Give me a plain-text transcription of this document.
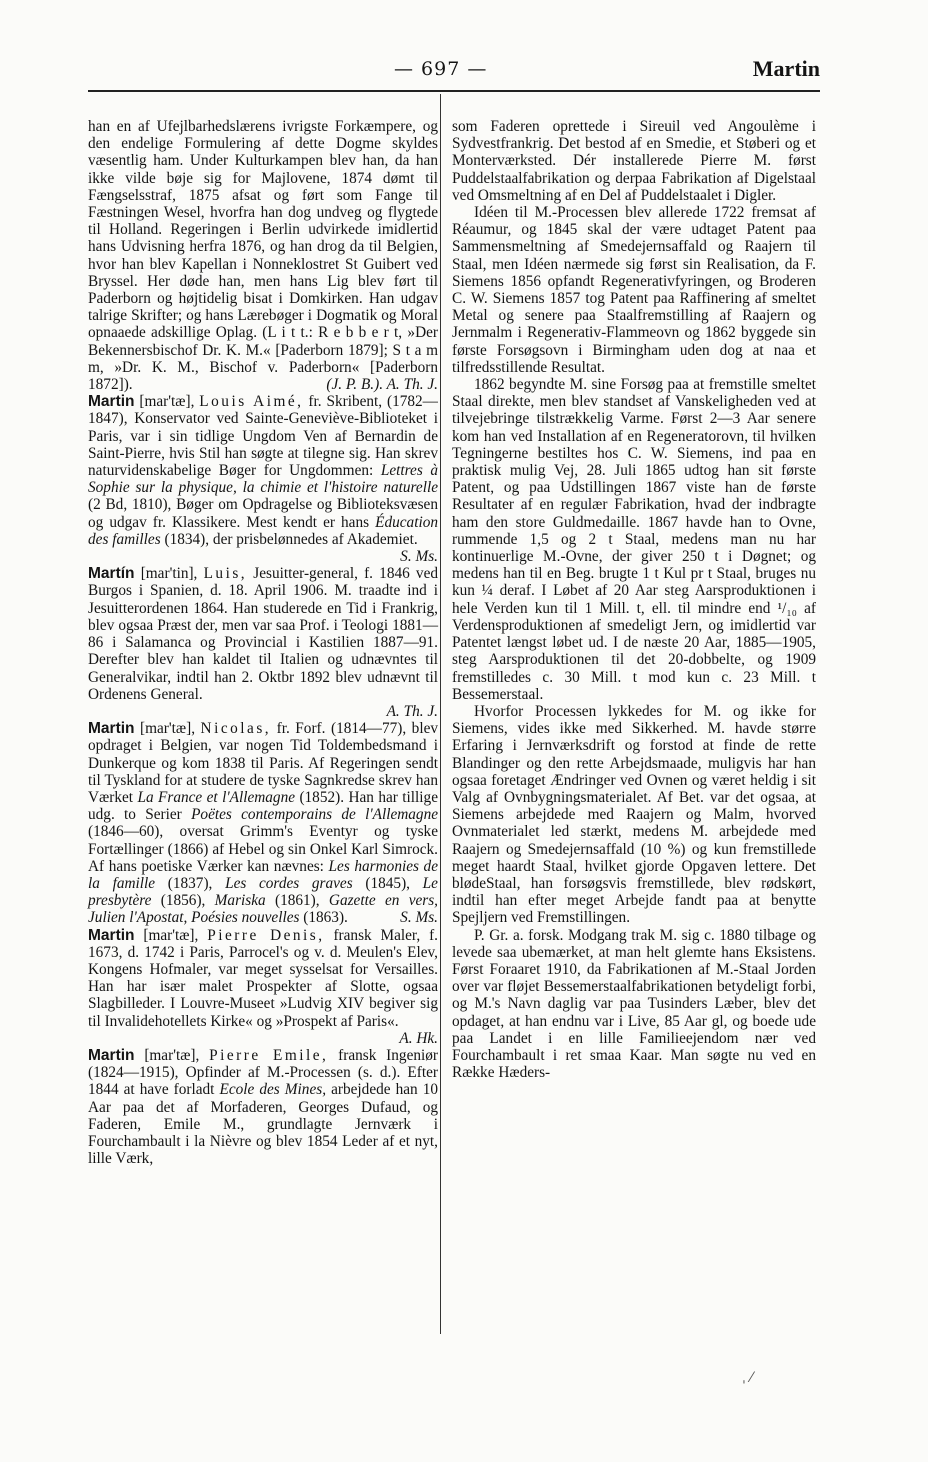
— 697 —	Martin

han en af Ufejlbarhedslærens ivrigste Forkæmpere, og den endelige Formulering af dette Dogme skyldes væsentlig ham. Under Kulturkampen blev han, da han ikke vilde bøje sig for Majlovene, 1874 dømt til Fængselsstraf, 1875 afsat og ført som Fange til Fæstningen Wesel, hvorfra han dog undveg og flygtede til Holland. Regeringen i Berlin udvirkede imidlertid hans Udvisning herfra 1876, og han drog da til Belgien, hvor han blev Kapellan i Nonneklostret St Guibert ved Bryssel. Her døde han, men hans Lig blev ført til Paderborn og højtidelig bisat i Domkirken. Han udgav talrige Skrifter; og hans Lærebøger i Dogmatik og Moral opnaaede adskillige Oplag. (L i t t.: R e b b e r t, »Der Bekennersbischof Dr. K. M.« [Paderborn 1879]; S t a m m, »Dr. K. M., Bischof v. Paderborn« [Paderborn 1872]).	(J. P. B.). A. Th. J.

Martin [mar'tæ], Louis Aimé, fr. Skribent, (1782—1847), Konservator ved Sainte-Geneviève-Biblioteket i Paris, var i sin tidlige Ungdom Ven af Bernardin de Saint-Pierre, hvis Stil han søgte at tilegne sig. Han skrev naturvidenskabelige Bøger for Ungdommen: Lettres à Sophie sur la physique, la chimie et l'histoire naturelle (2 Bd, 1810), Bøger om Opdragelse og Biblioteksvæsen og udgav fr. Klassikere. Mest kendt er hans Éducation des familles (1834), der prisbelønnedes af Akademiet.
S. Ms.

Martín [mar'tin], Luis, Jesuitter-general, f. 1846 ved Burgos i Spanien, d. 18. April 1906. M. traadte ind i Jesuitterordenen 1864. Han studerede en Tid i Frankrig, blev ogsaa Præst der, men var saa Prof. i Teologi 1881—86 i Salamanca og Provincial i Kastilien 1887—91. Derefter blev han kaldet til Italien og udnævntes til Generalvikar, indtil han 2. Oktbr 1892 blev udnævnt til Ordenens General.
A. Th. J.

Martin [mar'tæ], Nicolas, fr. Forf. (1814—77), blev opdraget i Belgien, var nogen Tid Toldembedsmand i Dunkerque og kom 1838 til Paris. Af Regeringen sendt til Tyskland for at studere de tyske Sagnkredse skrev han Værket La France et l'Allemagne (1852). Han har tillige udg. to Serier Poëtes contemporains de l'Allemagne (1846—60), oversat Grimm's Eventyr og tyske Fortællinger (1866) af Hebel og sin Onkel Karl Simrock. Af hans poetiske Værker kan nævnes: Les harmonies de la famille (1837), Les cordes graves (1845), Le presbytère (1856), Mariska (1861), Gazette en vers, Julien l'Apostat, Poésies nouvelles (1863).	S. Ms.

Martin [mar'tæ], Pierre Denis, fransk Maler, f. 1673, d. 1742 i Paris, Parrocel's og v. d. Meulen's Elev, Kongens Hofmaler, var meget sysselsat for Versailles. Han har især malet Prospekter af Slotte, ogsaa Slagbilleder. I Louvre-Museet »Ludvig XIV begiver sig til Invalidehotellets Kirke« og »Prospekt af Paris«.
A. Hk.

Martin [mar'tæ], Pierre Emile, fransk Ingeniør (1824—1915), Opfinder af M.-Processen (s. d.). Efter 1844 at have forladt Ecole des Mines, arbejdede han 10 Aar paa det af Morfaderen, Georges Dufaud, og Faderen, Emile M., grundlagte Jernværk i Fourchambault i la Nièvre og blev 1854 Leder af et nyt, lille Værk,

som Faderen oprettede i Sireuil ved Angoulème i Sydvestfrankrig. Det bestod af en Smedie, et Støberi og et Monterværksted. Dér installerede Pierre M. først Puddelstaalfabrikation og derpaa Fabrikation af Digelstaal ved Omsmeltning af en Del af Puddelstaalet i Digler.

Idéen til M.-Processen blev allerede 1722 fremsat af Réaumur, og 1845 skal der være udtaget Patent paa Sammensmeltning af Smedejernsaffald og Raajern til Staal, men Idéen nærmede sig først sin Realisation, da F. Siemens 1856 opfandt Regenerativfyringen, og Broderen C. W. Siemens 1857 tog Patent paa Raffinering af smeltet Metal og senere paa Staalfremstilling af Raajern og Jernmalm i Regenerativ-Flammeovn og 1862 byggede sin første Forsøgsovn i Birmingham uden dog at naa et tilfredsstillende Resultat.

1862 begyndte M. sine Forsøg paa at fremstille smeltet Staal direkte, men blev standset af Vanskeligheden ved at tilvejebringe tilstrækkelig Varme. Først 2—3 Aar senere kom han ved Installation af en Regeneratorovn, til hvilken Tegningerne bestiltes hos C. W. Siemens, ind paa en praktisk mulig Vej, 28. Juli 1865 udtog han sit første Patent, og paa Udstillingen 1867 viste han de første Resultater af en regulær Fabrikation, hvad der indbragte ham den store Guldmedaille. 1867 havde han to Ovne, rummende 1,5 og 2 t Staal, medens man nu har kontinuerlige M.-Ovne, der giver 250 t i Døgnet; og medens han til en Beg. brugte 1 t Kul pr t Staal, bruges nu kun ¼ deraf. I Løbet af 20 Aar steg Aarsproduktionen i hele Verden kun til 1 Mill. t, ell. til mindre end ¹/₁₀ af Verdensproduktionen af smedeligt Jern, og imidlertid var Patentet længst løbet ud. I de næste 20 Aar, 1885—1905, steg Aarsproduktionen til det 20-dobbelte, og 1909 fremstilledes c. 30 Mill. t mod kun c. 23 Mill. t Bessemerstaal.

Hvorfor Processen lykkedes for M. og ikke for Siemens, vides ikke med Sikkerhed. M. havde større Erfaring i Jernværksdrift og forstod at finde de rette Blandinger og den rette Arbejdsmaade, muligvis har han ogsaa foretaget Ændringer ved Ovnen og været heldig i sit Valg af Ovnbygningsmaterialet. Af Bet. var det ogsaa, at Siemens arbejdede med Raajern og Malm, hvorved Ovnmaterialet led stærkt, medens M. arbejdede med Raajern og Smedejernsaffald (10 %) og kun fremstillede meget haardt Staal, hvilket gjorde Opgaven lettere. Det blødeStaal, han forsøgsvis fremstillede, blev rødskørt, indtil han efter meget Arbejde fandt paa at benytte Spejljern ved Fremstillingen.

P. Gr. a. forsk. Modgang trak M. sig c. 1880 tilbage og levede saa ubemærket, at man helt glemte hans Eksistens. Først Foraaret 1910, da Fabrikationen af M.-Staal Jorden over var fløjet Bessemerstaalfabrikationen betydeligt forbi, og M.'s Navn daglig var paa Tusinders Læber, blev det opdaget, at han endnu var i Live, 85 Aar gl, og boede ude paa Landet i en lille Familieejendom nær ved Fourchambault i ret smaa Kaar. Man søgte nu ved en Række Hæders-

ˌ ⁄
